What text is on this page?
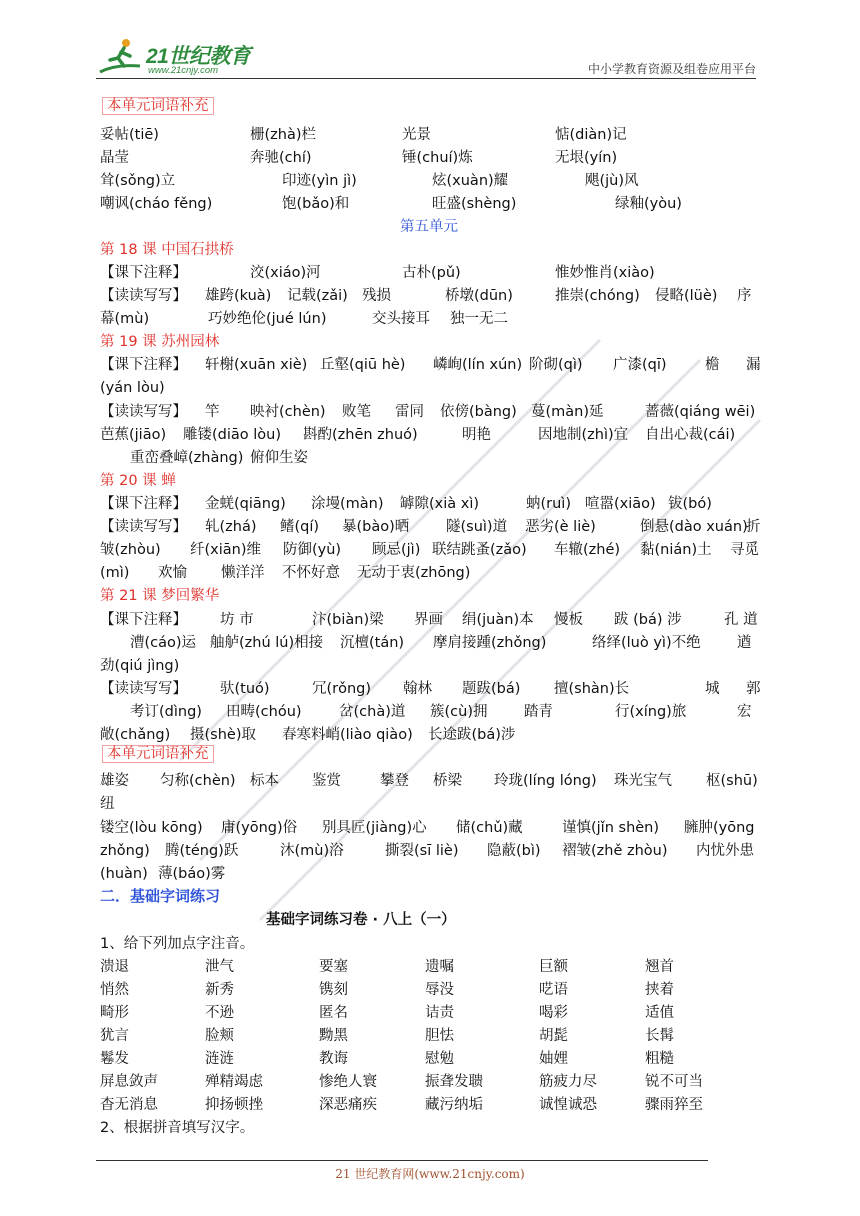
21世纪教育
www.21cnjy.com	中小学教育资源及组卷应用平台
本单元词语补充
妥帖(tiē)	栅(zhà)栏	光景	惦(diàn)记
晶莹	奔驰(chí)	锤(chuí)炼	无垠(yín)
耸(sǒng)立	印迹(yìn jì)	炫(xuàn)耀	飓(jù)风
嘲讽(cháo fěng)	饱(bǎo)和	旺盛(shèng)	绿釉(yòu)
第五单元
第 18 课 中国石拱桥
【课下注释】	洨(xiáo)河	古朴(pǔ)	惟妙惟肖(xiào)
【读读写写】 雄跨(kuà) 记载(zǎi) 残损	桥墩(dūn)	推崇(chóng) 侵略(lüè) 序
幕(mù)	巧妙绝伦(jué lún)	交头接耳 独一无二
第 19 课 苏州园林
【课下注释】 轩榭(xuān xiè) 丘壑(qiū hè) 嶙峋(lín xún) 阶砌(qì) 广漆(qī)	檐 漏
(yán lòu)
【读读写写】 竿 映衬(chèn) 败笔 雷同 依傍(bàng) 蔓(màn)延	蔷薇(qiáng wēi)
芭蕉(jiāo) 雕镂(diāo lòu) 斟酌(zhēn zhuó)	明艳	因地制(zhì)宜 自出心裁(cái)
重峦叠嶂(zhàng) 俯仰生姿
第 20 课 蝉
【课下注释】 金蜣(qiāng) 涂墁(màn) 罅隙(xià xì)	蚋(ruì) 喧嚣(xiāo) 钹(bó)
【读读写写】 轧(zhá) 鳍(qí) 暴(bào)晒	隧(suì)道 恶劣(è liè)	倒悬(dào xuán)
折
皱(zhòu) 纤(xiān)维 防御(yù) 顾忌(jì) 联结跳蚤(zǎo) 车辙(zhé) 黏(nián)土 寻觅
(mì) 欢愉 懒洋洋 不怀好意 无动于衷(zhōng)
第 21 课 梦回繁华
【课下注释】 坊 市	汴(biàn)梁 界画 绢(juàn)本 慢板 跋 (bá) 涉	孔 道
漕(cáo)运 舳舻(zhú lú)相接 沉檀(tán) 摩肩接踵(zhǒng)	络绎(luò yì)不绝	遒
劲(qiú jìng)
【读读写写】 驮(tuó)	冗(rǒng) 翰林 题跋(bá) 擅(shàn)长	城 郭
考订(dìng) 田畴(chóu)	岔(chà)道 簇(cù)拥	踏青	行(xíng)旅	宏
敞(chǎng) 摄(shè)取 春寒料峭(liào qiào) 长途跋(bá)涉
本单元词语补充
雄姿 匀称(chèn) 标本 鉴赏	攀登 桥梁 玲珑(líng lóng) 珠光宝气 枢(shū)
纽
镂空(lòu kōng) 庸(yōng)俗 别具匠(jiàng)心 储(chǔ)藏	谨慎(jǐn shèn) 臃肿(yōng
zhǒng) 腾(téng)跃	沐(mù)浴	撕裂(sī liè) 隐蔽(bì) 褶皱(zhě zhòu) 内忧外患
(huàn) 薄(báo)雾
二．基础字词练习
基础字词练习卷 · 八上（一）
1、给下列加点字注音。
溃退	泄气	要塞	遗嘱	巨额	翘首
悄然	新秀	镌刻	辱没	呓语	挟着
畸形	不逊	匿名	诘责	喝彩	适值
犹言	脸颊	黝黑	胆怯	胡髭	长髯
鬈发	涟涟	教诲	慰勉	妯娌	粗糙
屏息敛声	殚精竭虑	惨绝人寰	振聋发聩	筋疲力尽	锐不可当
杳无消息	抑扬顿挫	深恶痛疾	藏污纳垢	诚惶诚恐	骤雨猝至
2、根据拼音填写汉字。
21 世纪教育网(www.21cnjy.com)
